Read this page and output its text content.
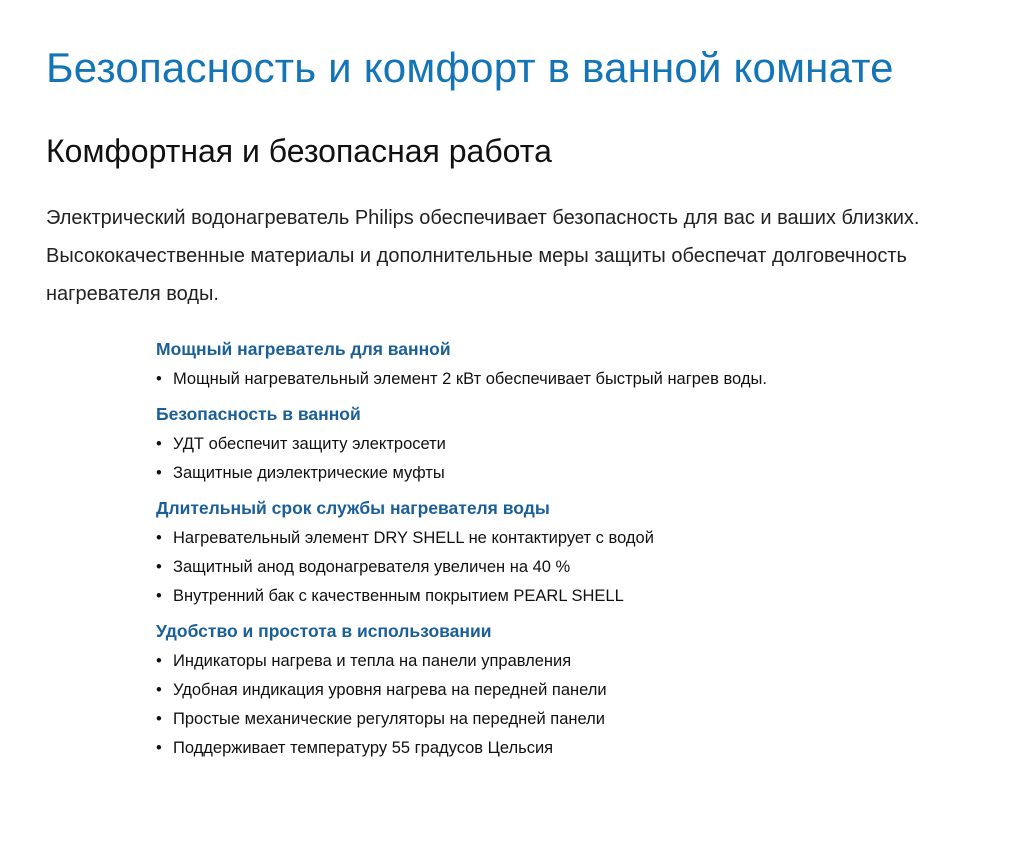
Безопасность и комфорт в ванной комнате
Комфортная и безопасная работа

Электрический водонагреватель Philips обеспечивает безопасность для вас и ваших близких. Высококачественные материалы и дополнительные меры защиты обеспечат долговечность нагревателя воды.

Мощный нагреватель для ванной
• Мощный нагревательный элемент 2 кВт обеспечивает быстрый нагрев воды.
Безопасность в ванной
• УДТ обеспечит защиту электросети
• Защитные диэлектрические муфты
Длительный срок службы нагревателя воды
• Нагревательный элемент DRY SHELL не контактирует с водой
• Защитный анод водонагревателя увеличен на 40 %
• Внутренний бак с качественным покрытием PEARL SHELL
Удобство и простота в использовании
• Индикаторы нагрева и тепла на панели управления
• Удобная индикация уровня нагрева на передней панели
• Простые механические регуляторы на передней панели
• Поддерживает температуру 55 градусов Цельсия
